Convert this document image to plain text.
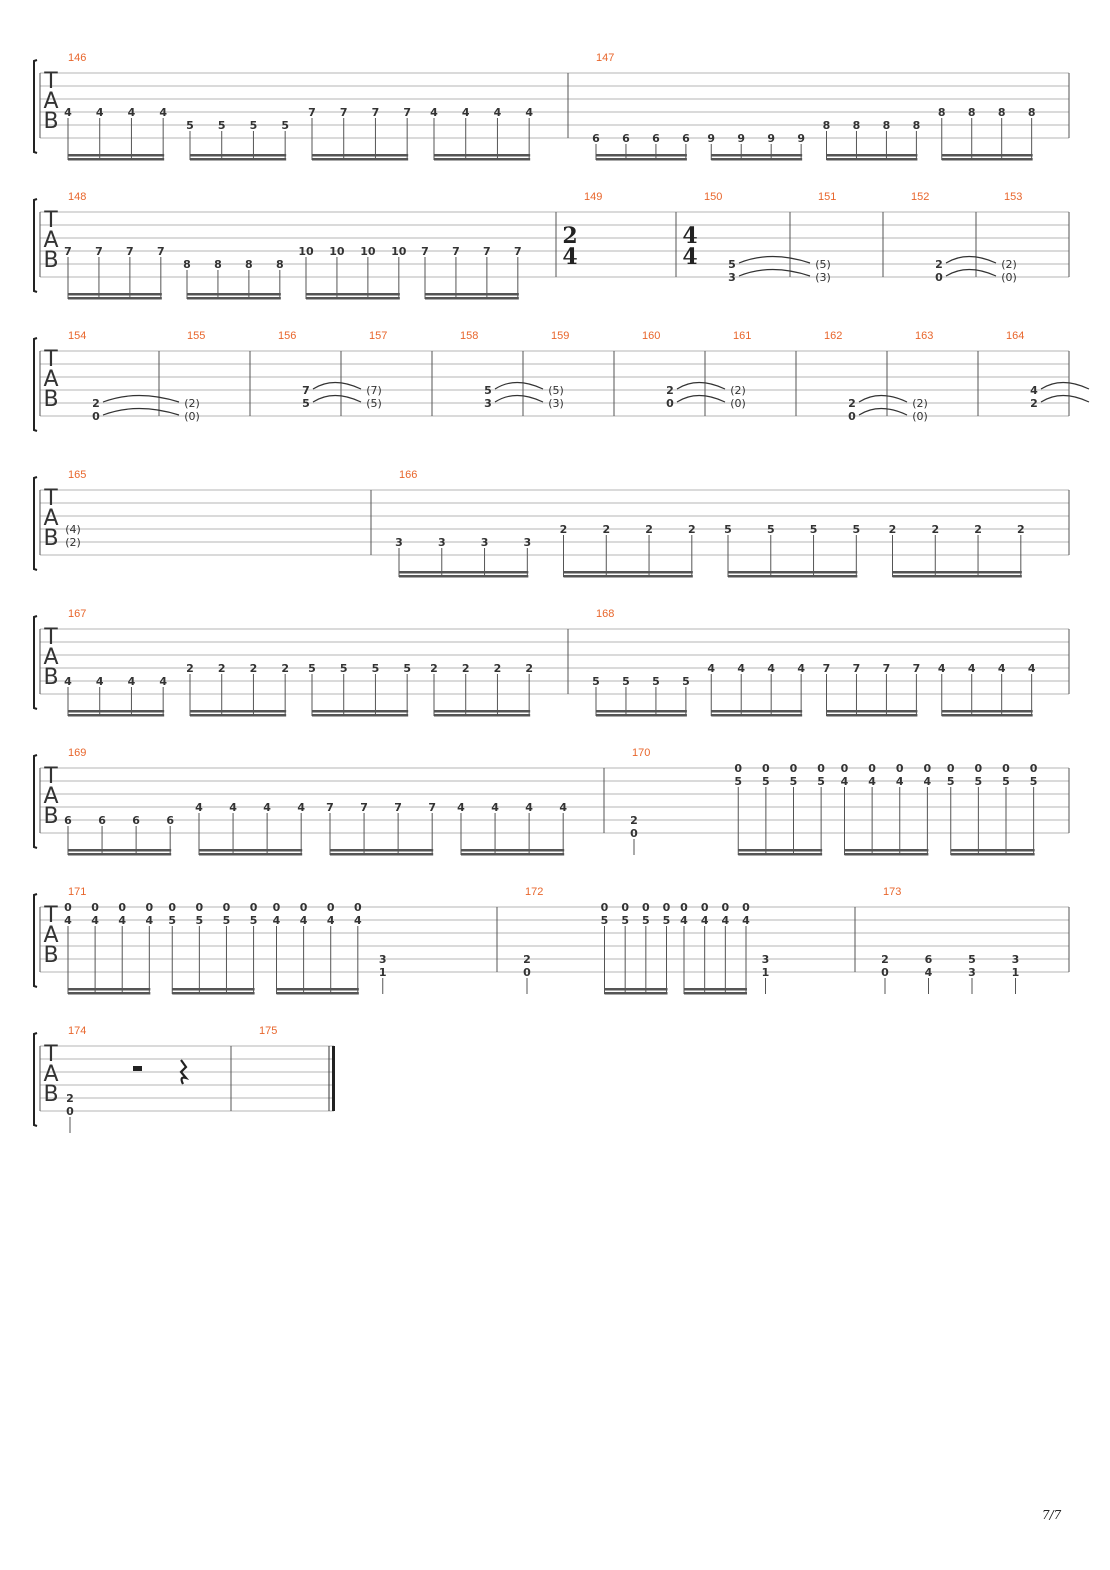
T
A
B
146
4 4 4 4
5 5 5 5
7 7 7 7 4 4 4 4
147
6 6 6 6 9 9 9 9
8 8 8 8
8 8 8 8
T
A
B
148
7 7 7 7
8 8 8 8
10 10 10 10 7 7 7 7
149
2
4
150
4
4	5
3
151
(5)
(3)
152
2
0
153
(2)
(0)
T
A
B
154
2
0
155
(2)
(0)
156
7
5
157
(7)
(5)
158
5
3
159
(5)
(3)
160
2
0
161
(2)
(0)
162
2
0
163
(2)
(0)
164
4
2
T
A
B
165
(4)
(2)
166
3	3	3	3
2	2	2	2	5	5	5	5	2	2	2	2
T
A
B
167
4 4 4 4
2 2 2 2 5 5 5 5 2 2 2 2
168
5 5 5 5
4 4 4 4 7 7 7 7 4 4 4 4
T
A
B
169
6 6 6 6
4 4 4 4 7 7 7 7 4 4 4 4
170
2
0
0
5
0
5
0
5
0
5
0
4
0
4
0
4
0
4
0
5
0
5
0
5
0
5
T
A
B
171
0
4
0
4
0
4
0
4
0
5
0
5
0
5
0
5
0
4
0
4
0
4
0
4
3
1
172
2
0
0
5
0
5
0
5
0
5
0
4
0
4
0
4
0
4
3
1
173
2
0
6
4
5
3
3
1
T
A
B
174
2
0
175
7/7
